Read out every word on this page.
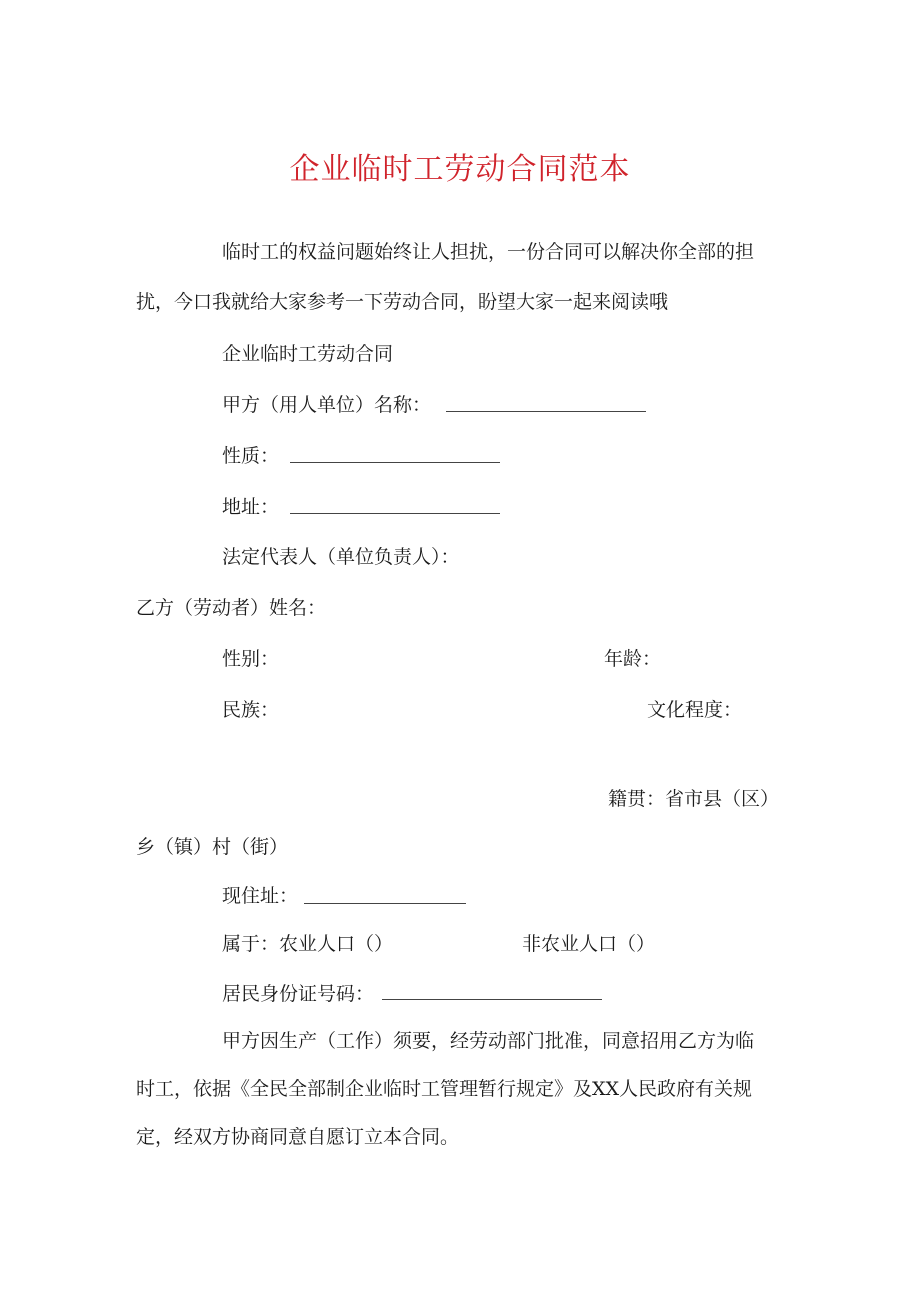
企业临时工劳动合同范本
临时工的权益问题始终让人担扰，一份合同可以解决你全部的担
扰，今口我就给大家参考一下劳动合同，盼望大家一起来阅读哦
企业临时工劳动合同
甲方（用人单位）名称：
性质：
地址：
法定代表人（单位负责人）：
乙方（劳动者）姓名：
性别：	年龄：
民族：	文化程度：
籍贯：省市县（区）
乡（镇）村（街）
现住址：
属于：农业人口（）	非农业人口（）
居民身份证号码：
甲方因生产（工作）须要，经劳动部门批准，同意招用乙方为临
时工，依据《全民全部制企业临时工管理暂行规定》及XX人民政府有关规
定，经双方协商同意自愿订立本合同。
